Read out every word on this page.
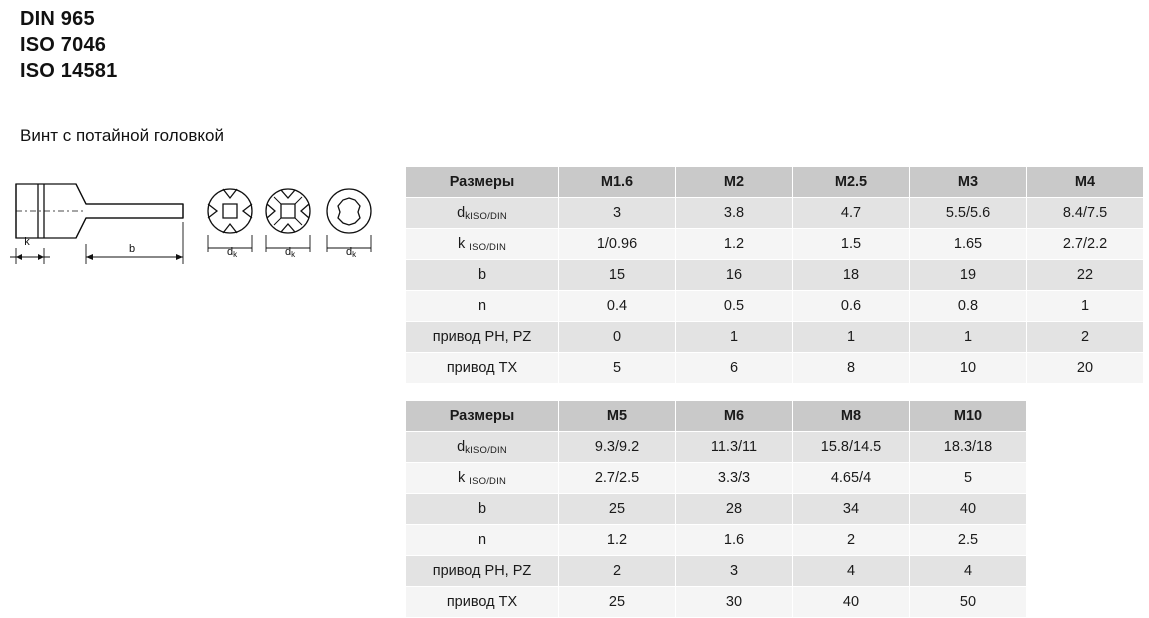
DIN 965
ISO 7046
ISO 14581
Винт с потайной головкой
k
b	dk	dk	dk
Размеры	M1.6	M2	M2.5	M3	M4
dkISO/DIN	3	3.8	4.7	5.5/5.6	8.4/7.5
k ISO/DIN	1/0.96	1.2	1.5	1.65	2.7/2.2
b	15	16	18	19	22
n	0.4	0.5	0.6	0.8	1
привод PH, PZ	0	1	1	1	2
привод TX	5	6	8	10	20
Размеры	M5	M6	M8	M10
dkISO/DIN	9.3/9.2	11.3/11	15.8/14.5	18.3/18
k ISO/DIN	2.7/2.5	3.3/3	4.65/4	5
b	25	28	34	40
n	1.2	1.6	2	2.5
привод PH, PZ	2	3	4	4
привод TX	25	30	40	50
